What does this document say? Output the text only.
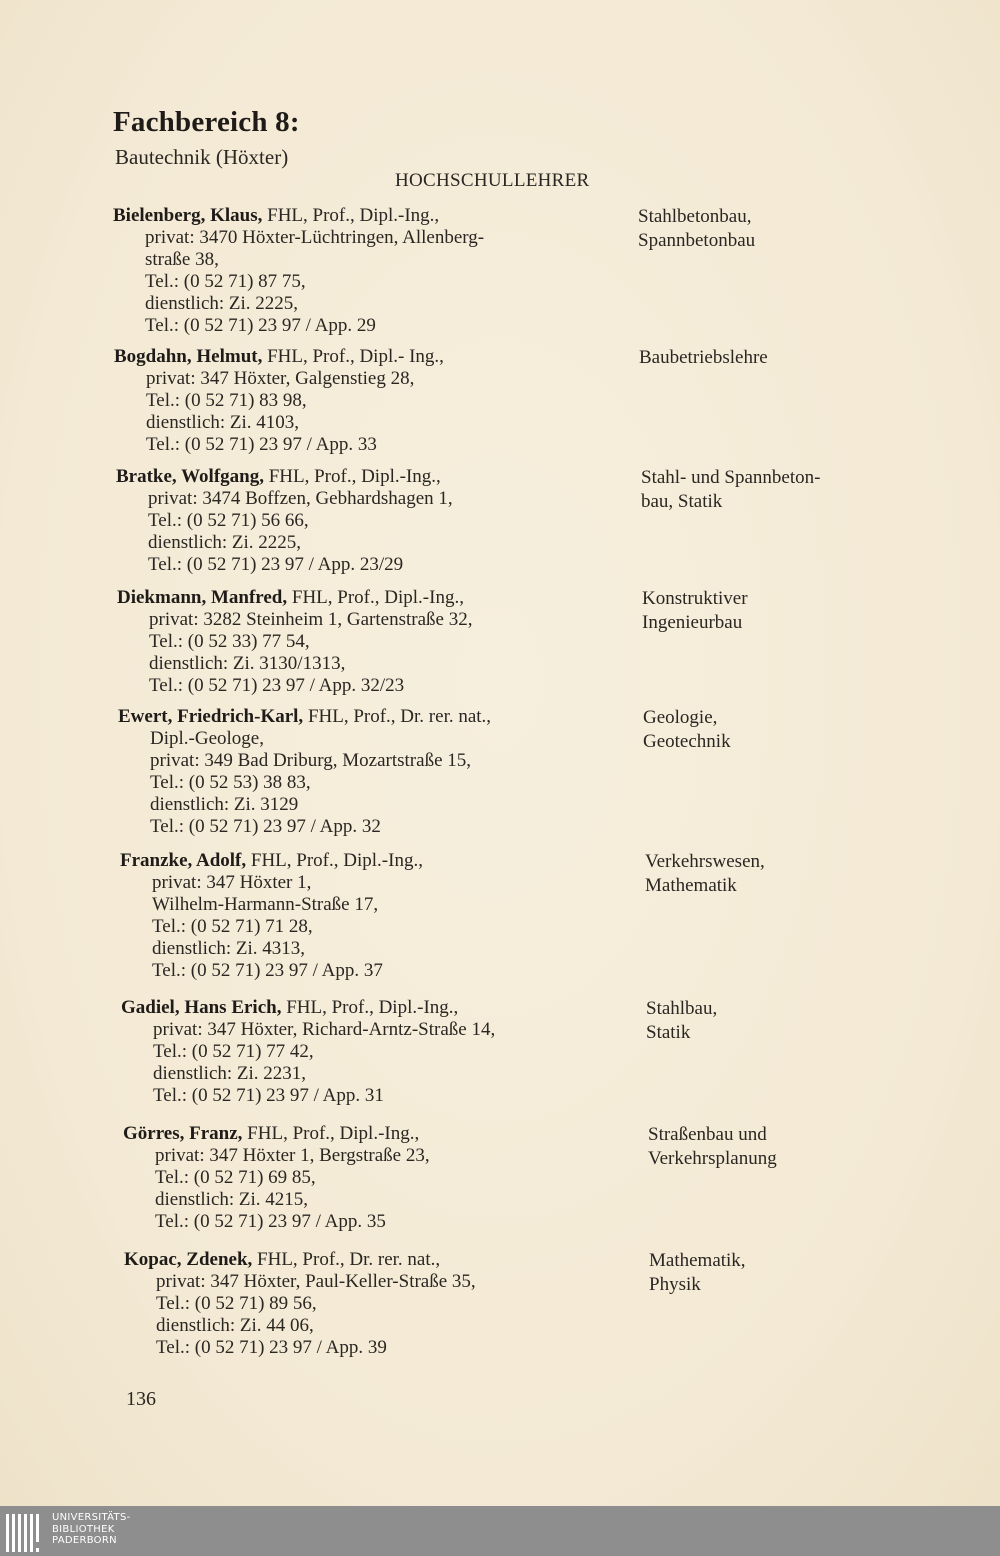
Fachbereich 8:
Bautechnik (Höxter)
HOCHSCHULLEHRER
Bielenberg, Klaus, FHL, Prof., Dipl.-Ing.,
privat: 3470 Höxter-Lüchtringen, Allenberg-
straße 38,
Tel.: (0 52 71) 87 75,
dienstlich: Zi. 2225,
Tel.: (0 52 71) 23 97 / App. 29
Stahlbetonbau,
Spannbetonbau
Bogdahn, Helmut, FHL, Prof., Dipl.- Ing.,
privat: 347 Höxter, Galgenstieg 28,
Tel.: (0 52 71) 83 98,
dienstlich: Zi. 4103,
Tel.: (0 52 71) 23 97 / App. 33
Baubetriebslehre
Bratke, Wolfgang, FHL, Prof., Dipl.-Ing.,
privat: 3474 Boffzen, Gebhardshagen 1,
Tel.: (0 52 71) 56 66,
dienstlich: Zi. 2225,
Tel.: (0 52 71) 23 97 / App. 23/29
Stahl- und Spannbeton-
bau, Statik
Diekmann, Manfred, FHL, Prof., Dipl.-Ing.,
privat: 3282 Steinheim 1, Gartenstraße 32,
Tel.: (0 52 33) 77 54,
dienstlich: Zi. 3130/1313,
Tel.: (0 52 71) 23 97 / App. 32/23
Konstruktiver
Ingenieurbau
Ewert, Friedrich-Karl, FHL, Prof., Dr. rer. nat.,
Dipl.-Geologe,
privat: 349 Bad Driburg, Mozartstraße 15,
Tel.: (0 52 53) 38 83,
dienstlich: Zi. 3129
Tel.: (0 52 71) 23 97 / App. 32
Geologie,
Geotechnik
Franzke, Adolf, FHL, Prof., Dipl.-Ing.,
privat: 347 Höxter 1,
Wilhelm-Harmann-Straße 17,
Tel.: (0 52 71) 71 28,
dienstlich: Zi. 4313,
Tel.: (0 52 71) 23 97 / App. 37
Verkehrswesen,
Mathematik
Gadiel, Hans Erich, FHL, Prof., Dipl.-Ing.,
privat: 347 Höxter, Richard-Arntz-Straße 14,
Tel.: (0 52 71) 77 42,
dienstlich: Zi. 2231,
Tel.: (0 52 71) 23 97 / App. 31
Stahlbau,
Statik
Görres, Franz, FHL, Prof., Dipl.-Ing.,
privat: 347 Höxter 1, Bergstraße 23,
Tel.: (0 52 71) 69 85,
dienstlich: Zi. 4215,
Tel.: (0 52 71) 23 97 / App. 35
Straßenbau und
Verkehrsplanung
Kopac, Zdenek, FHL, Prof., Dr. rer. nat.,
privat: 347 Höxter, Paul-Keller-Straße 35,
Tel.: (0 52 71) 89 56,
dienstlich: Zi. 44 06,
Tel.: (0 52 71) 23 97 / App. 39
Mathematik,
Physik
136
UNIVERSITÄTS-
BIBLIOTHEK
PADERBORN
